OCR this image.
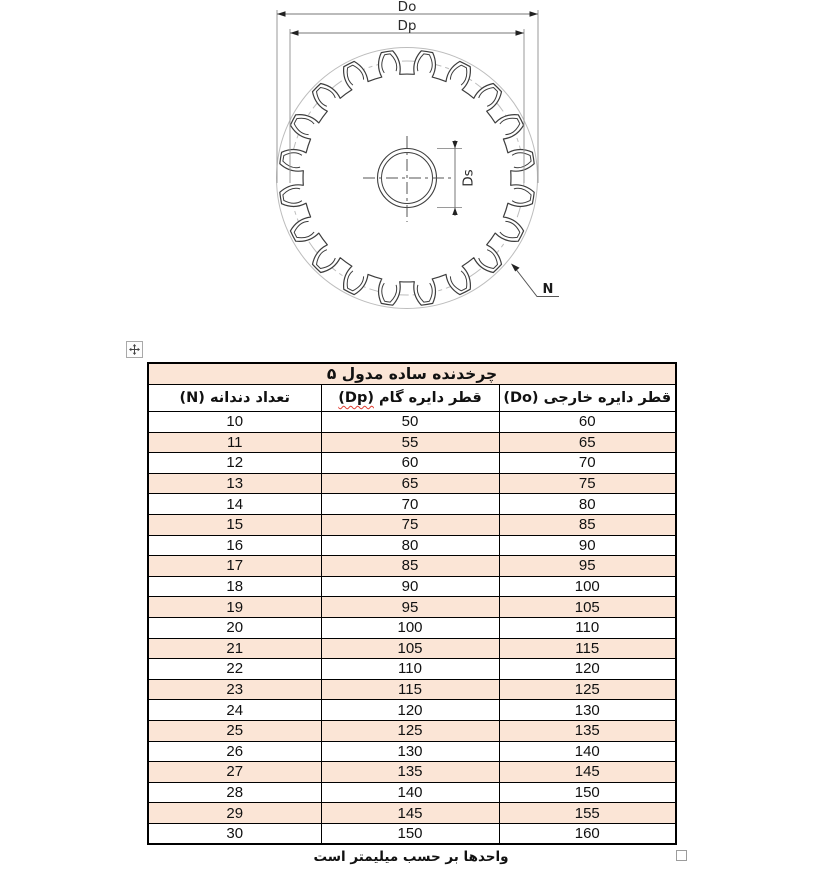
Do
Dp
Ds
N
چرخدنده ساده مدول ۵		
تعداد دندانه (N)	قطر دایره گام (Dp)	قطر دایره خارجی (Do)
10	50	60
11	55	65
12	60	70
13	65	75
14	70	80
15	75	85
16	80	90
17	85	95
18	90	100
19	95	105
20	100	110
21	105	115
22	110	120
23	115	125
24	120	130
25	125	135
26	130	140
27	135	145
28	140	150
29	145	155
30	150	160
واحدها بر حسب میلیمتر است
